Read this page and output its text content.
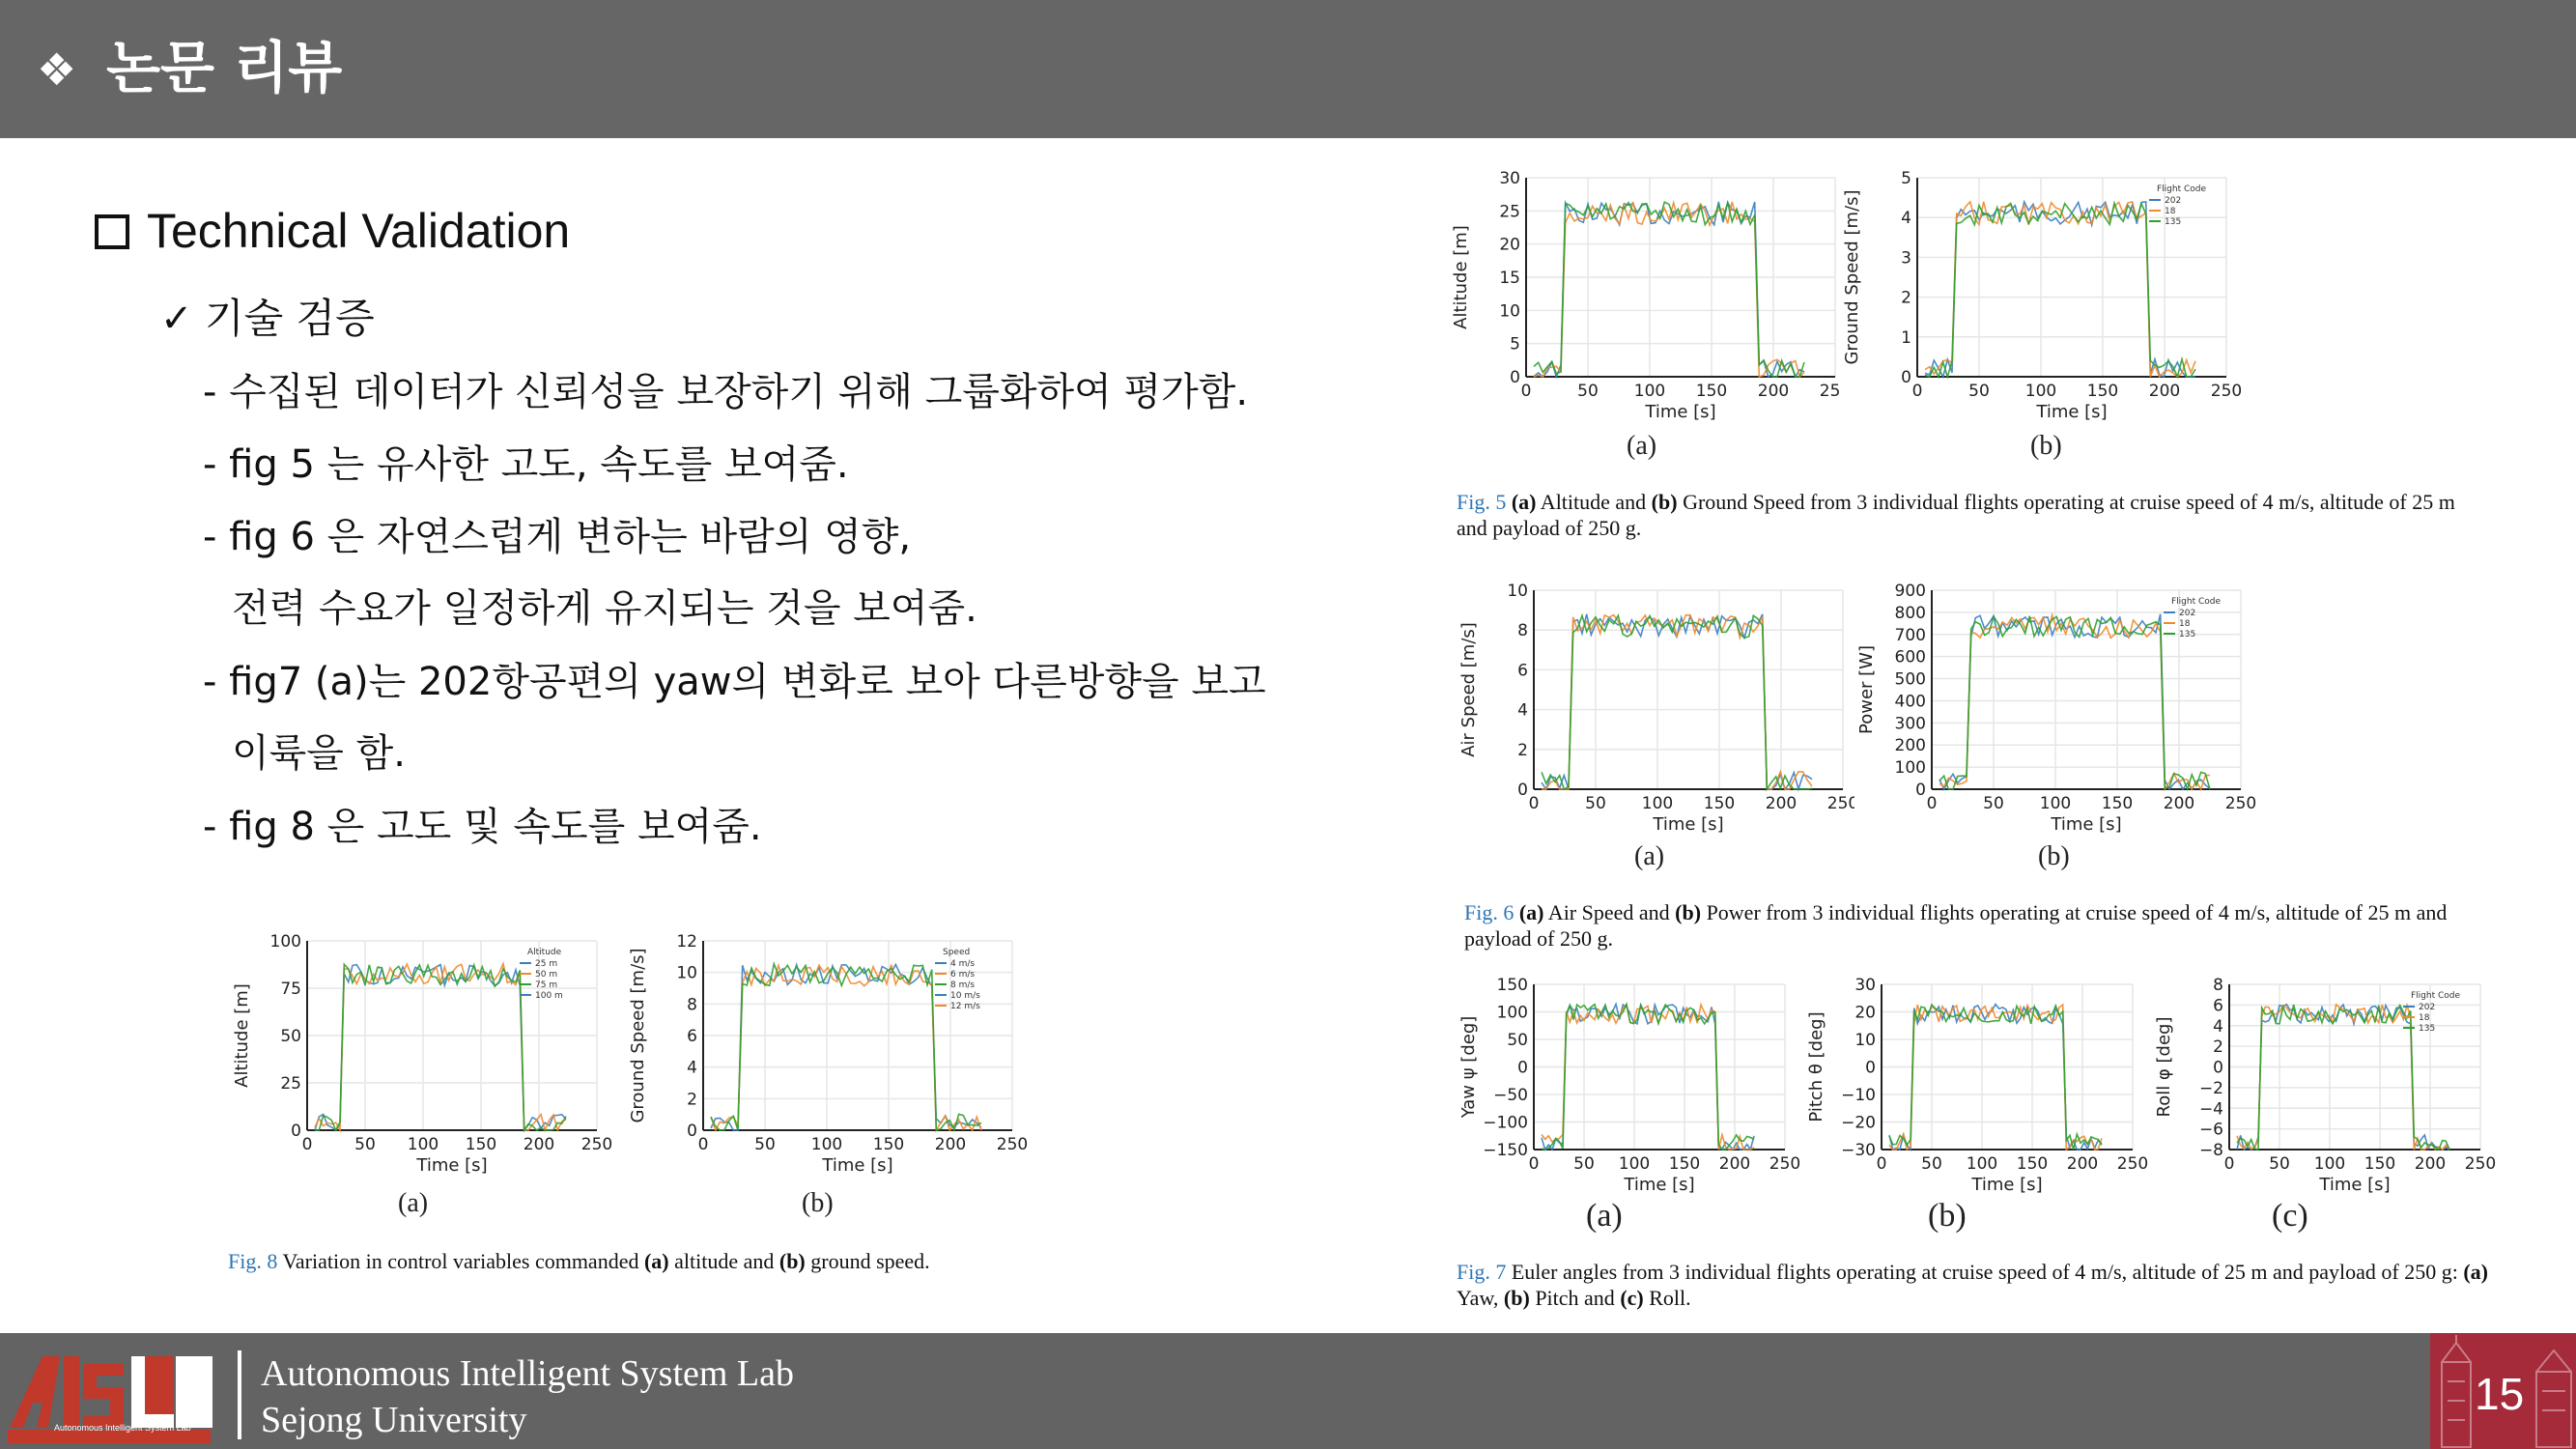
❖ 논문 리뷰
Technical Validation
✓ 기술 검증
- 수집된 데이터가 신뢰성을 보장하기 위해 그룹화하여 평가함.
- fig 5 는 유사한 고도, 속도를 보여줌.
- fig 6 은 자연스럽게 변하는 바람의 영향,
전력 수요가 일정하게 유지되는 것을 보여줌.
- fig7 (a)는 202항공편의 yaw의 변화로 보아 다른방향을 보고
이륙을 함.
- fig 8 은 고도 및 속도를 보여줌.
0	50 100 150 200 250
0
5
10
15
20
25
30
Time [s]
Altitude [m]
0	50 100 150 200 250
0
1
2
3
4
5
Time [s]
Ground Speed [m/s]
Flight Code
202
18
135
(a)	(b)
Fig. 5 (a) Altitude and (b) Ground Speed from 3 individual flights operating at cruise speed of 4 m/s, altitude of 25 m and payload of 250 g.
0	50 100 150 200 250
0
2
4
6
8
10
Time [s]
Air Speed [m/s]
0	50 100 150 200 250
0
100
200
300
400
500
600
700
800
900
Time [s]
Power [W]
Flight Code
202
18
135
(a)	(b)
Fig. 6 (a) Air Speed and (b) Power from 3 individual flights operating at cruise speed of 4 m/s, altitude of 25 m and payload of 250 g.
0 50 100 150 200 250
−150
−100
−50
0
50
100
150
Time [s]
Yaw ψ [deg]
0 50 100 150 200 250
−30
−20
−10
0
10
20
30
Time [s]
Pitch θ [deg]
0 50 100 150 200 250
−8
−6
−4
−2
0
2
4
6
8
Time [s]
Roll φ [deg]
Flight Code
202
18
135
(a)	(b)	(c)
Fig. 7 Euler angles from 3 individual flights operating at cruise speed of 4 m/s, altitude of 25 m and payload of 250 g: (a) Yaw, (b) Pitch and (c) Roll.
0	50 100 150 200 250
0
25
50
75
100
Time [s]
Altitude [m]
Altitude
25 m
50 m
75 m
100 m
0	50 100 150 200 250
0
2
4
6
8
10
12
Time [s]
Ground Speed [m/s]	Speed
4 m/s
6 m/s
8 m/s
10 m/s
12 m/s
(a)	(b)
Fig. 8 Variation in control variables commanded (a) altitude and (b) ground speed.
Autonomous Intelligent System Lab
Autonomous Intelligent System Lab
Sejong University
15
